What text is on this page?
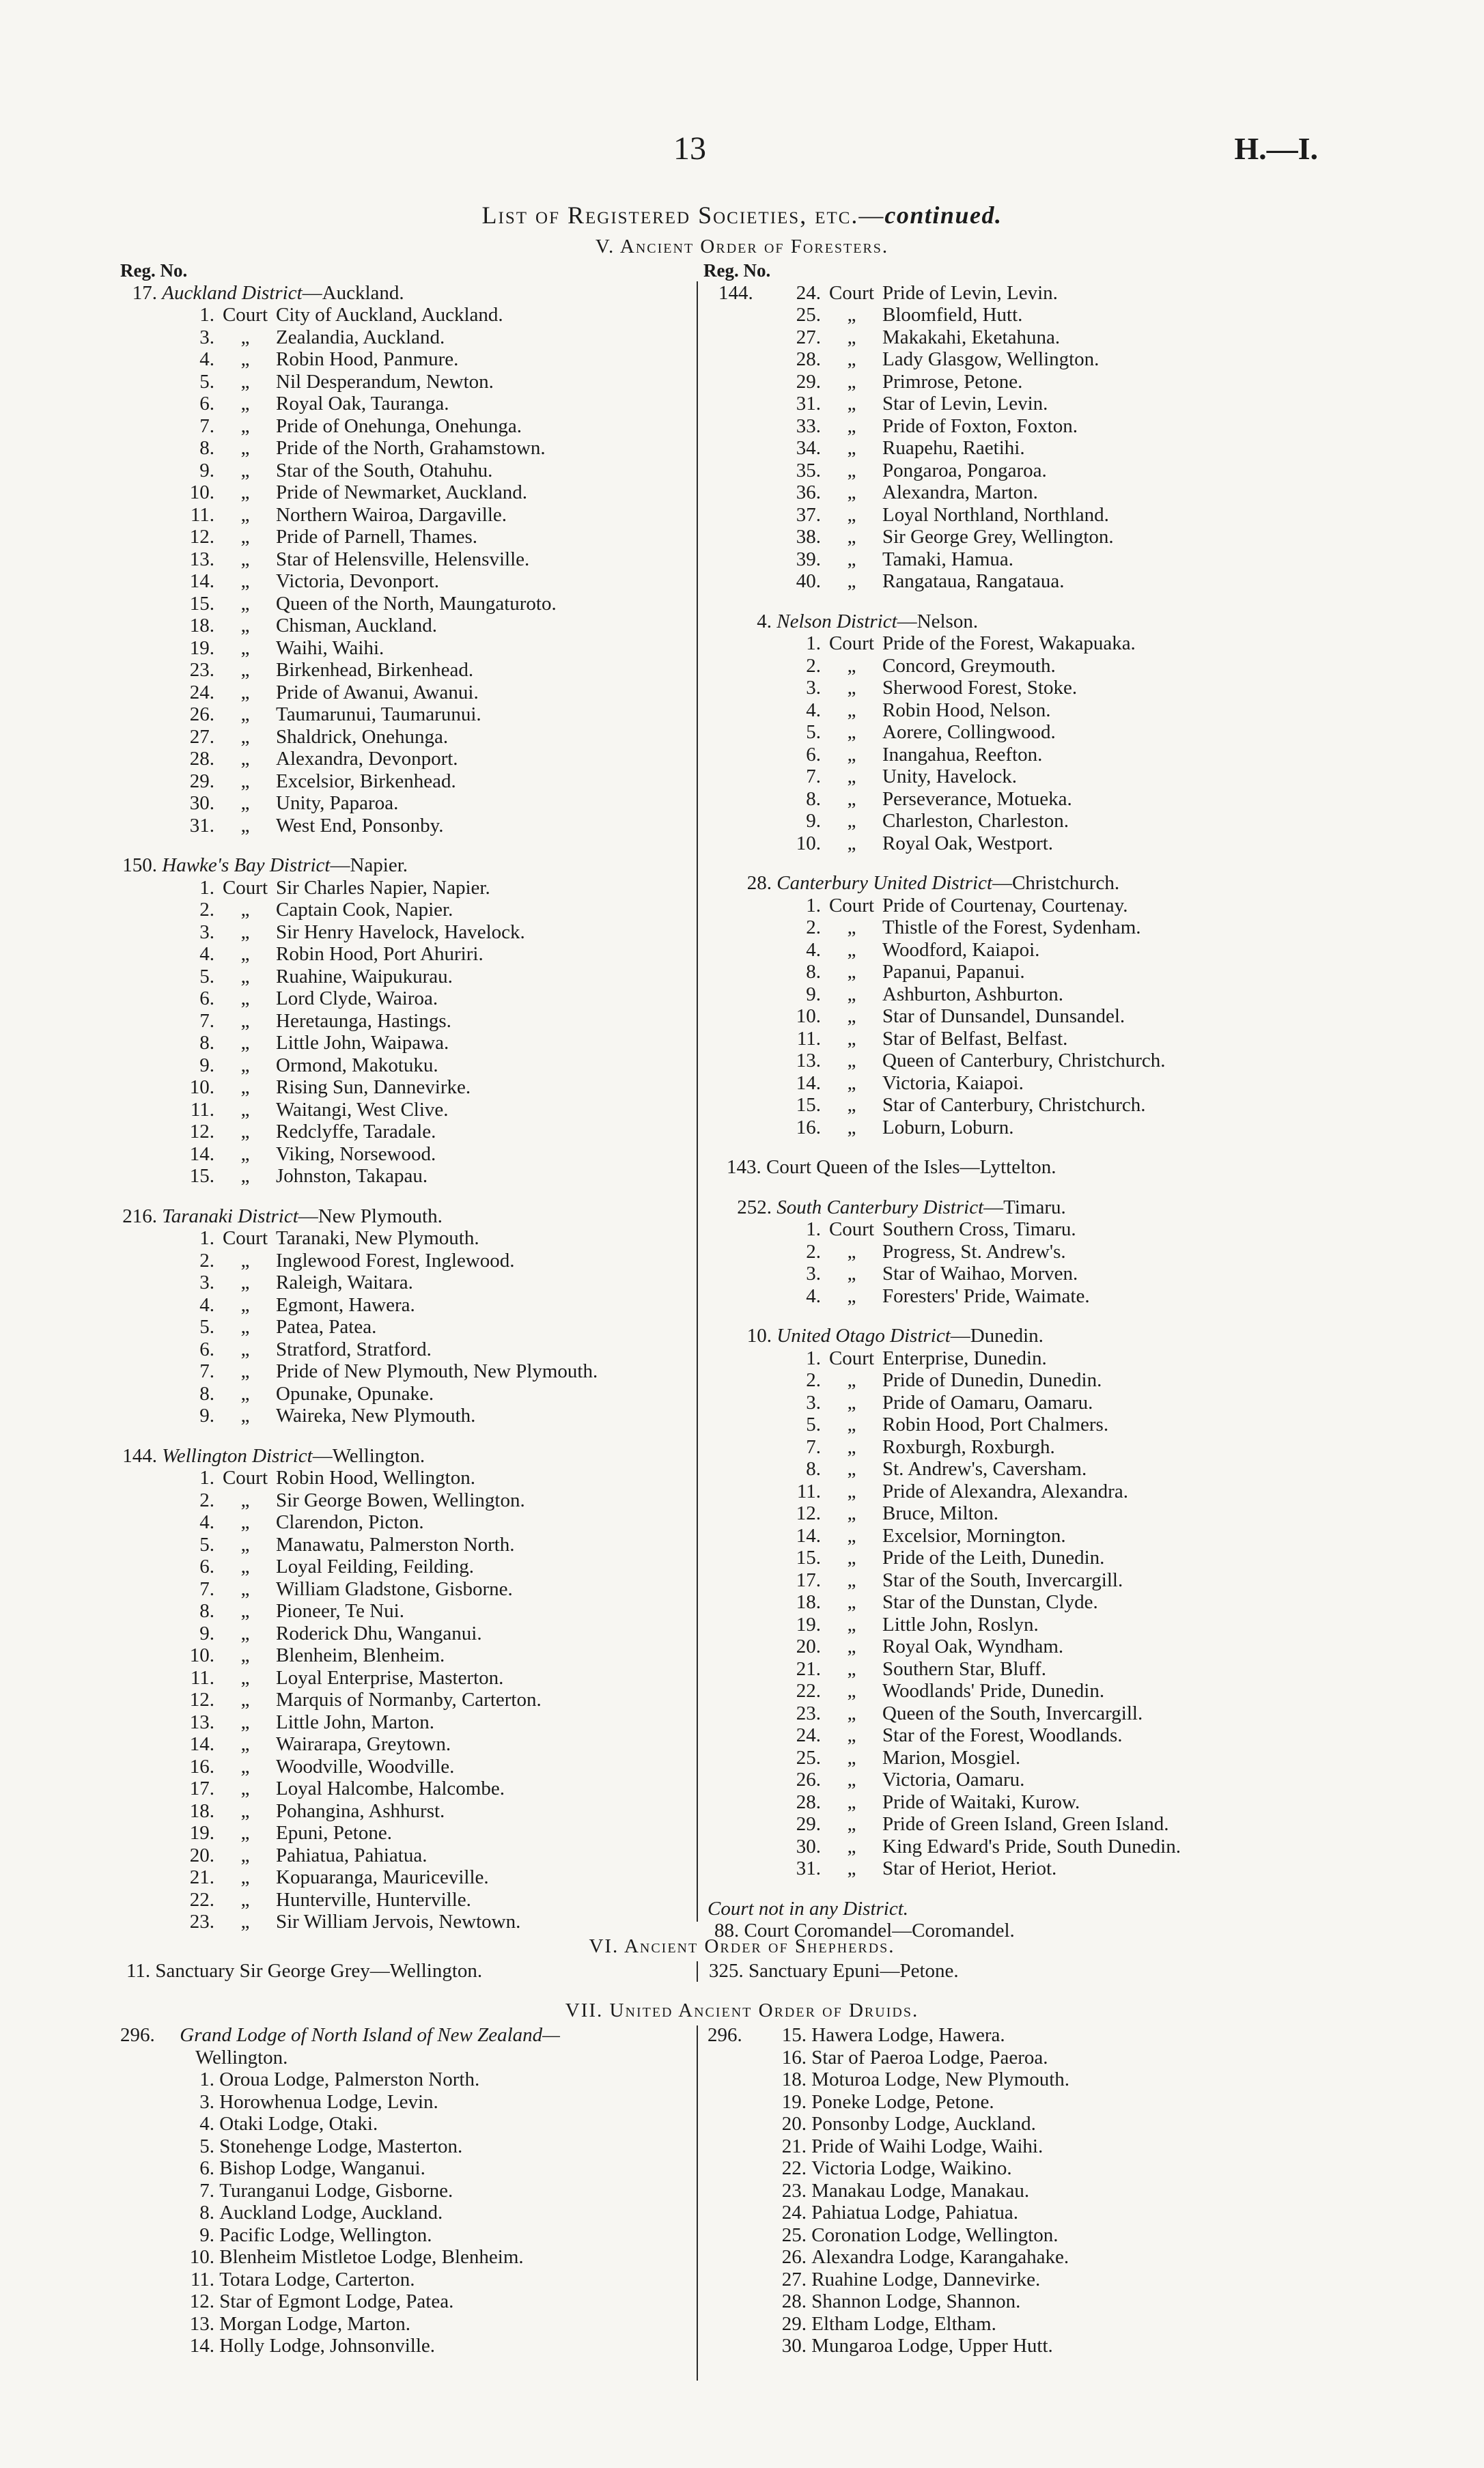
13	H.—I.
List of Registered Societies, etc.—continued.
V. Ancient Order of Foresters.
Reg. No.
17. Auckland District—Auckland.
1. Court City of Auckland, Auckland.
3. „ Zealandia, Auckland.
4. „ Robin Hood, Panmure.
5. „ Nil Desperandum, Newton.
6. „ Royal Oak, Tauranga.
7. „ Pride of Onehunga, Onehunga.
8. „ Pride of the North, Grahamstown.
9. „ Star of the South, Otahuhu.
10. „ Pride of Newmarket, Auckland.
11. „ Northern Wairoa, Dargaville.
12. „ Pride of Parnell, Thames.
13. „ Star of Helensville, Helensville.
14. „ Victoria, Devonport.
15. „ Queen of the North, Maungaturoto.
18. „ Chisman, Auckland.
19. „ Waihi, Waihi.
23. „ Birkenhead, Birkenhead.
24. „ Pride of Awanui, Awanui.
26. „ Taumarunui, Taumarunui.
27. „ Shaldrick, Onehunga.
28. „ Alexandra, Devonport.
29. „ Excelsior, Birkenhead.
30. „ Unity, Paparoa.
31. „ West End, Ponsonby.
150. Hawke's Bay District—Napier.
1. Court Sir Charles Napier, Napier.
2. „ Captain Cook, Napier.
3. „ Sir Henry Havelock, Havelock.
4. „ Robin Hood, Port Ahuriri.
5. „ Ruahine, Waipukurau.
6. „ Lord Clyde, Wairoa.
7. „ Heretaunga, Hastings.
8. „ Little John, Waipawa.
9. „ Ormond, Makotuku.
10. „ Rising Sun, Dannevirke.
11. „ Waitangi, West Clive.
12. „ Redclyffe, Taradale.
14. „ Viking, Norsewood.
15. „ Johnston, Takapau.
216. Taranaki District—New Plymouth.
1. Court Taranaki, New Plymouth.
2. „ Inglewood Forest, Inglewood.
3. „ Raleigh, Waitara.
4. „ Egmont, Hawera.
5. „ Patea, Patea.
6. „ Stratford, Stratford.
7. „ Pride of New Plymouth, New Plymouth.
8. „ Opunake, Opunake.
9. „ Waireka, New Plymouth.
144. Wellington District—Wellington.
1. Court Robin Hood, Wellington.
2. „ Sir George Bowen, Wellington.
4. „ Clarendon, Picton.
5. „ Manawatu, Palmerston North.
6. „ Loyal Feilding, Feilding.
7. „ William Gladstone, Gisborne.
8. „ Pioneer, Te Nui.
9. „ Roderick Dhu, Wanganui.
10. „ Blenheim, Blenheim.
11. „ Loyal Enterprise, Masterton.
12. „ Marquis of Normanby, Carterton.
13. „ Little John, Marton.
14. „ Wairarapa, Greytown.
16. „ Woodville, Woodville.
17. „ Loyal Halcombe, Halcombe.
18. „ Pohangina, Ashhurst.
19. „ Epuni, Petone.
20. „ Pahiatua, Pahiatua.
21. „ Kopuaranga, Mauriceville.
22. „ Hunterville, Hunterville.
23. „ Sir William Jervois, Newtown.
Reg. No.
144. 24. Court Pride of Levin, Levin.
25. „ Bloomfield, Hutt.
27. „ Makakahi, Eketahuna.
28. „ Lady Glasgow, Wellington.
29. „ Primrose, Petone.
31. „ Star of Levin, Levin.
33. „ Pride of Foxton, Foxton.
34. „ Ruapehu, Raetihi.
35. „ Pongaroa, Pongaroa.
36. „ Alexandra, Marton.
37. „ Loyal Northland, Northland.
38. „ Sir George Grey, Wellington.
39. „ Tamaki, Hamua.
40. „ Rangataua, Rangataua.
4. Nelson District—Nelson.
1. Court Pride of the Forest, Wakapuaka.
2. „ Concord, Greymouth.
3. „ Sherwood Forest, Stoke.
4. „ Robin Hood, Nelson.
5. „ Aorere, Collingwood.
6. „ Inangahua, Reefton.
7. „ Unity, Havelock.
8. „ Perseverance, Motueka.
9. „ Charleston, Charleston.
10. „ Royal Oak, Westport.
28. Canterbury United District—Christchurch.
1. Court Pride of Courtenay, Courtenay.
2. „ Thistle of the Forest, Sydenham.
4. „ Woodford, Kaiapoi.
8. „ Papanui, Papanui.
9. „ Ashburton, Ashburton.
10. „ Star of Dunsandel, Dunsandel.
11. „ Star of Belfast, Belfast.
13. „ Queen of Canterbury, Christchurch.
14. „ Victoria, Kaiapoi.
15. „ Star of Canterbury, Christchurch.
16. „ Loburn, Loburn.
143. Court Queen of the Isles—Lyttelton.
252. South Canterbury District—Timaru.
1. Court Southern Cross, Timaru.
2. „ Progress, St. Andrew's.
3. „ Star of Waihao, Morven.
4. „ Foresters' Pride, Waimate.
10. United Otago District—Dunedin.
1. Court Enterprise, Dunedin.
2. „ Pride of Dunedin, Dunedin.
3. „ Pride of Oamaru, Oamaru.
5. „ Robin Hood, Port Chalmers.
7. „ Roxburgh, Roxburgh.
8. „ St. Andrew's, Caversham.
11. „ Pride of Alexandra, Alexandra.
12. „ Bruce, Milton.
14. „ Excelsior, Mornington.
15. „ Pride of the Leith, Dunedin.
17. „ Star of the South, Invercargill.
18. „ Star of the Dunstan, Clyde.
19. „ Little John, Roslyn.
20. „ Royal Oak, Wyndham.
21. „ Southern Star, Bluff.
22. „ Woodlands' Pride, Dunedin.
23. „ Queen of the South, Invercargill.
24. „ Star of the Forest, Woodlands.
25. „ Marion, Mosgiel.
26. „ Victoria, Oamaru.
28. „ Pride of Waitaki, Kurow.
29. „ Pride of Green Island, Green Island.
30. „ King Edward's Pride, South Dunedin.
31. „ Star of Heriot, Heriot.
Court not in any District.
88. Court Coromandel—Coromandel.
VI. Ancient Order of Shepherds.
11. Sanctuary Sir George Grey—Wellington.	325. Sanctuary Epuni—Petone.
VII. United Ancient Order of Druids.
296. Grand Lodge of North Island of New Zealand—
Wellington.
1. Oroua Lodge, Palmerston North.
3. Horowhenua Lodge, Levin.
4. Otaki Lodge, Otaki.
5. Stonehenge Lodge, Masterton.
6. Bishop Lodge, Wanganui.
7. Turanganui Lodge, Gisborne.
8. Auckland Lodge, Auckland.
9. Pacific Lodge, Wellington.
10. Blenheim Mistletoe Lodge, Blenheim.
11. Totara Lodge, Carterton.
12. Star of Egmont Lodge, Patea.
13. Morgan Lodge, Marton.
14. Holly Lodge, Johnsonville.
296. 15. Hawera Lodge, Hawera.
16. Star of Paeroa Lodge, Paeroa.
18. Moturoa Lodge, New Plymouth.
19. Poneke Lodge, Petone.
20. Ponsonby Lodge, Auckland.
21. Pride of Waihi Lodge, Waihi.
22. Victoria Lodge, Waikino.
23. Manakau Lodge, Manakau.
24. Pahiatua Lodge, Pahiatua.
25. Coronation Lodge, Wellington.
26. Alexandra Lodge, Karangahake.
27. Ruahine Lodge, Dannevirke.
28. Shannon Lodge, Shannon.
29. Eltham Lodge, Eltham.
30. Mungaroa Lodge, Upper Hutt.
